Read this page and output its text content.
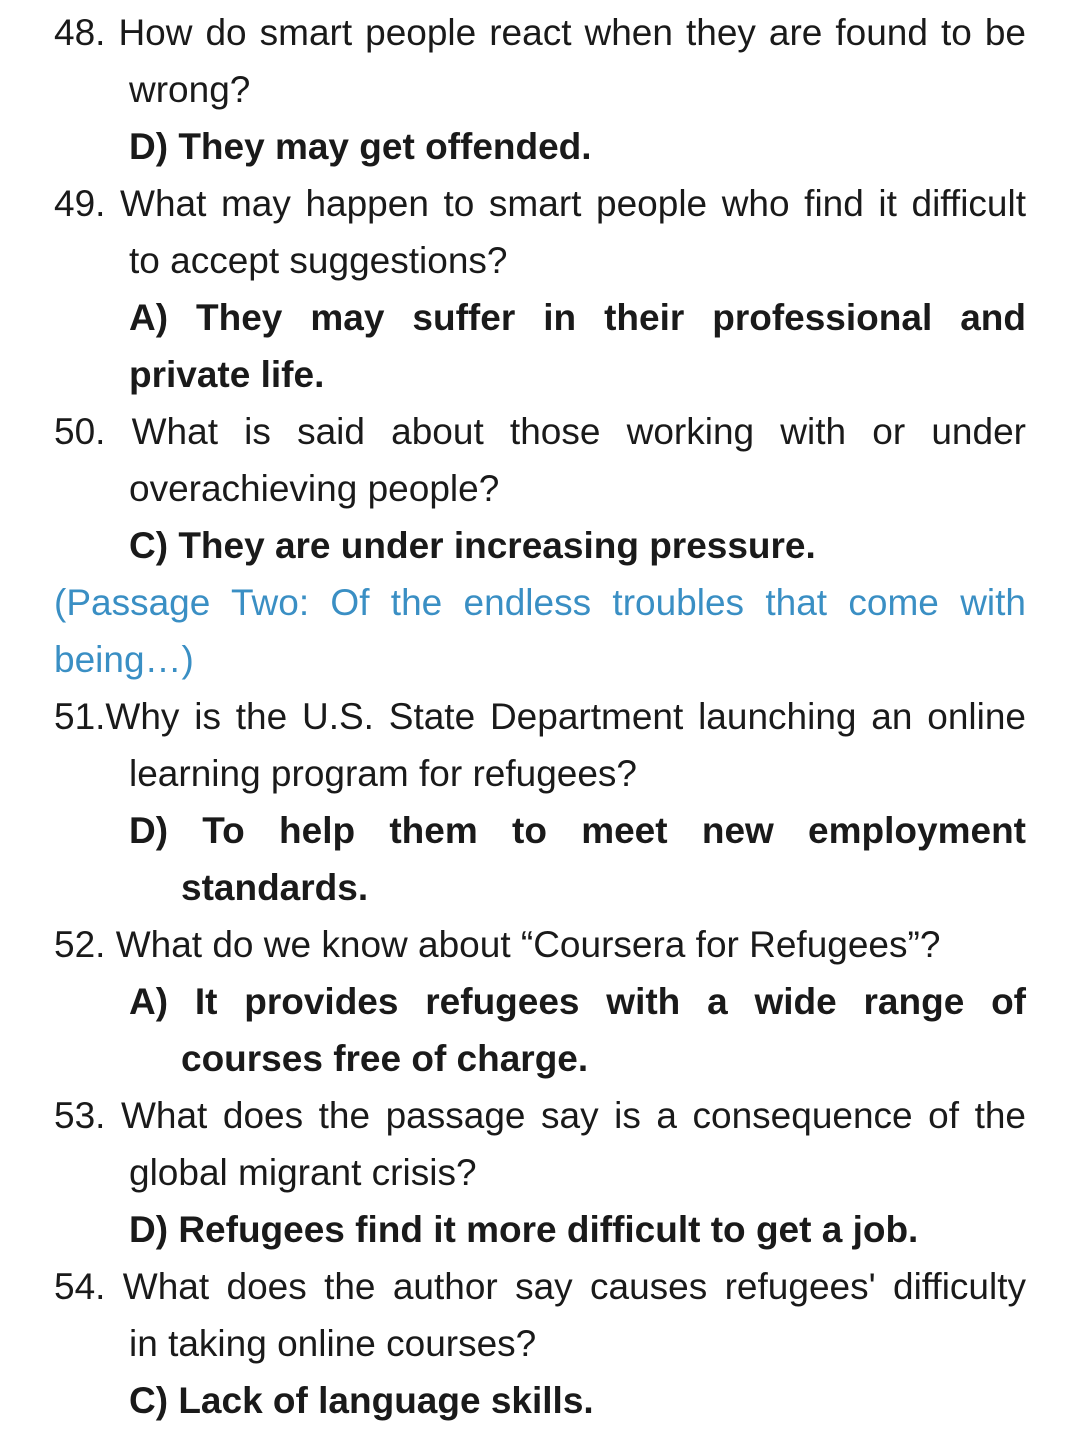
48. How do smart people react when they are found to be
wrong?
D) They may get offended.
49. What may happen to smart people who find it difficult
to accept suggestions?
A) They may suffer in their professional and
private life.
50. What is said about those working with or under
overachieving people?
C) They are under increasing pressure.
(Passage Two: Of the endless troubles that come with
being…)
51.Why is the U.S. State Department launching an online
learning program for refugees?
D) To help them to meet new employment
standards.
52. What do we know about “Coursera for Refugees”?
A) It provides refugees with a wide range of
courses free of charge.
53. What does the passage say is a consequence of the
global migrant crisis?
D) Refugees find it more difficult to get a job.
54. What does the author say causes refugees' difficulty
in taking online courses?
C) Lack of language skills.
